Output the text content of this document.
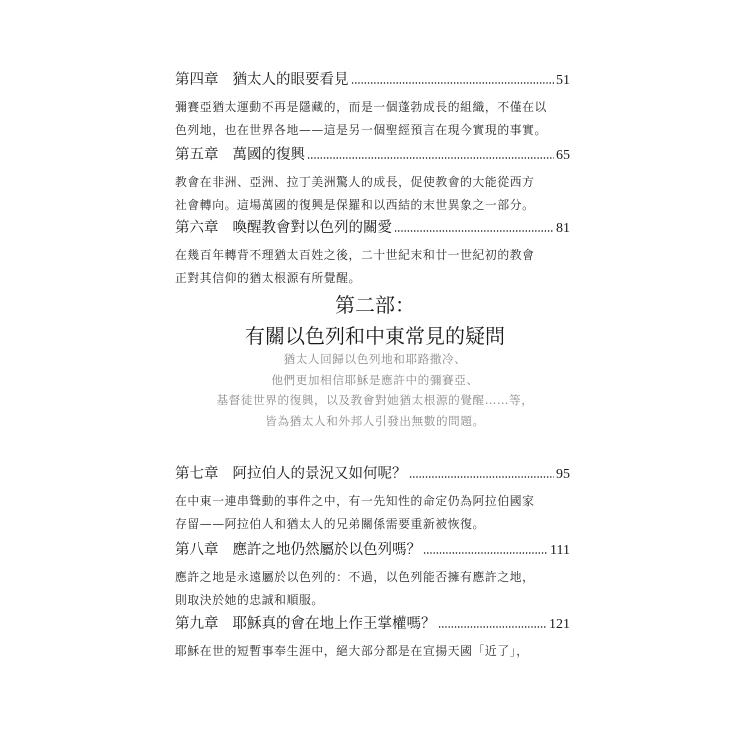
第四章 猶太人的眼要看見	51
彌賽亞猶太運動不再是隱藏的，而是一個蓬勃成長的組織，不僅在以
色列地，也在世界各地——這是另一個聖經預言在現今實現的事實。
第五章 萬國的復興	65
教會在非洲、亞洲、拉丁美洲驚人的成長，促使教會的大能從西方
社會轉向。這場萬國的復興是保羅和以西結的末世異象之一部分。
第六章 喚醒教會對以色列的關愛	81
在幾百年轉背不理猶太百姓之後，二十世紀末和廿一世紀初的教會
正對其信仰的猶太根源有所覺醒。
第二部：
有關以色列和中東常見的疑問
猶太人回歸以色列地和耶路撒冷、
他們更加相信耶穌是應許中的彌賽亞、
基督徒世界的復興，以及教會對她猶太根源的覺醒……等，
皆為猶太人和外邦人引發出無數的問題。
第七章 阿拉伯人的景況又如何呢？	95
在中東一連串聳動的事件之中，有一先知性的命定仍為阿拉伯國家
存留——阿拉伯人和猶太人的兄弟關係需要重新被恢復。
第八章 應許之地仍然屬於以色列嗎？	111
應許之地是永遠屬於以色列的：不過，以色列能否擁有應許之地，
則取決於她的忠誠和順服。
第九章 耶穌真的會在地上作王掌權嗎？	121
耶穌在世的短暫事奉生涯中，絕大部分都是在宣揚天國「近了」，
